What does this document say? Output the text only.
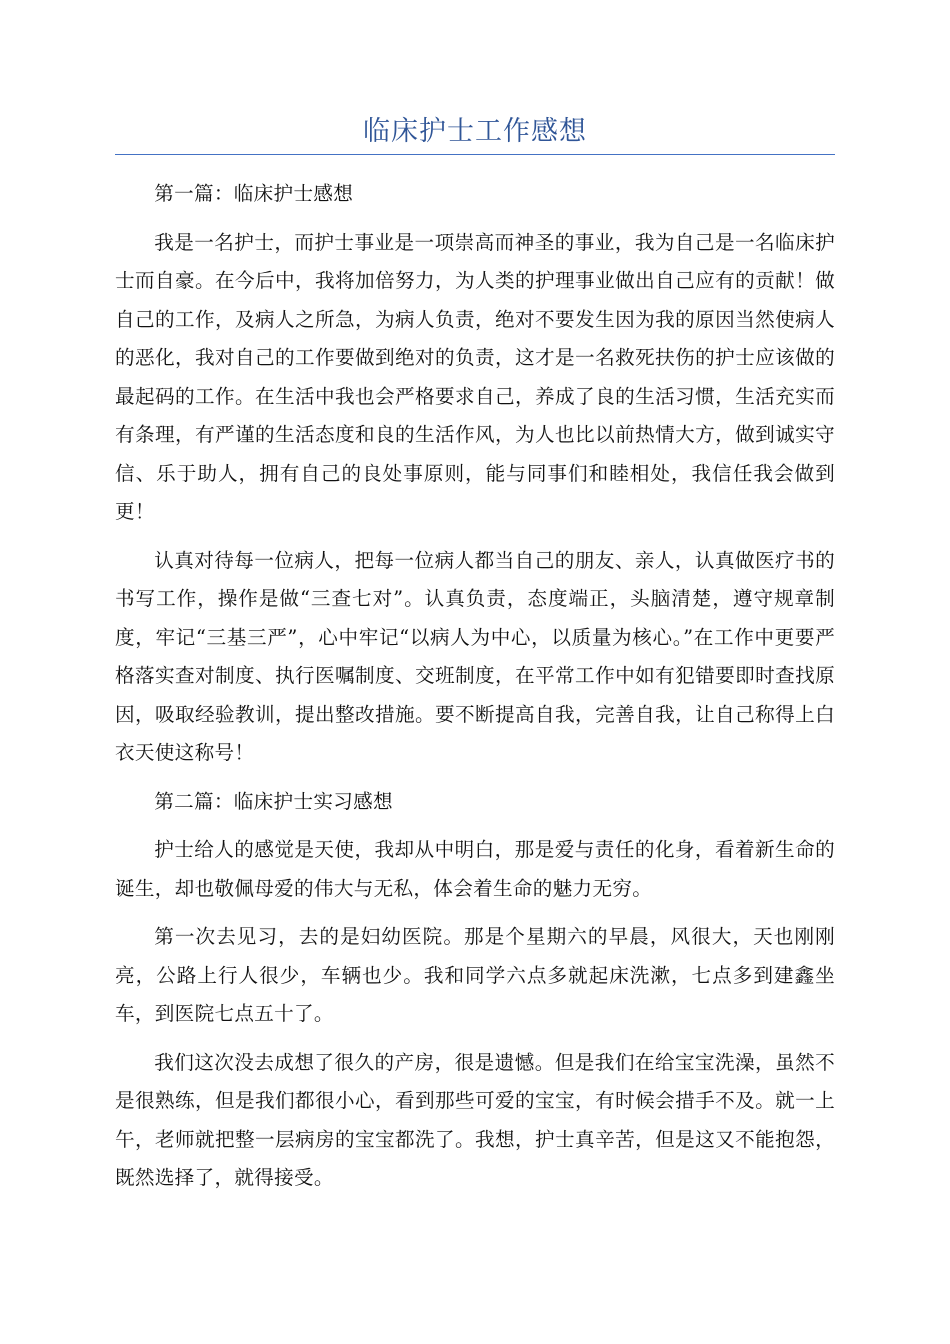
临床护士工作感想

第一篇：临床护士感想

我是一名护士，而护士事业是一项崇高而神圣的事业，我为自己是一名临床护士而自豪。在今后中，我将加倍努力，为人类的护理事业做出自己应有的贡献！做自己的工作，及病人之所急，为病人负责，绝对不要发生因为我的原因当然使病人的恶化，我对自己的工作要做到绝对的负责，这才是一名救死扶伤的护士应该做的最起码的工作。在生活中我也会严格要求自己，养成了良的生活习惯，生活充实而有条理，有严谨的生活态度和良的生活作风，为人也比以前热情大方，做到诚实守信、乐于助人，拥有自己的良处事原则，能与同事们和睦相处，我信任我会做到更！

认真对待每一位病人，把每一位病人都当自己的朋友、亲人，认真做医疗书的书写工作，操作是做“三查七对”。认真负责，态度端正，头脑清楚，遵守规章制度，牢记“三基三严”，心中牢记“以病人为中心，以质量为核心。”在工作中更要严格落实查对制度、执行医嘱制度、交班制度，在平常工作中如有犯错要即时查找原因，吸取经验教训，提出整改措施。要不断提高自我，完善自我，让自己称得上白衣天使这称号！

第二篇：临床护士实习感想

护士给人的感觉是天使，我却从中明白，那是爱与责任的化身，看着新生命的诞生，却也敬佩母爱的伟大与无私，体会着生命的魅力无穷。

第一次去见习，去的是妇幼医院。那是个星期六的早晨，风很大，天也刚刚亮，公路上行人很少，车辆也少。我和同学六点多就起床洗漱，七点多到建鑫坐车，到医院七点五十了。

我们这次没去成想了很久的产房，很是遗憾。但是我们在给宝宝洗澡，虽然不是很熟练，但是我们都很小心，看到那些可爱的宝宝，有时候会措手不及。就一上午，老师就把整一层病房的宝宝都洗了。我想，护士真辛苦，但是这又不能抱怨，既然选择了，就得接受。
